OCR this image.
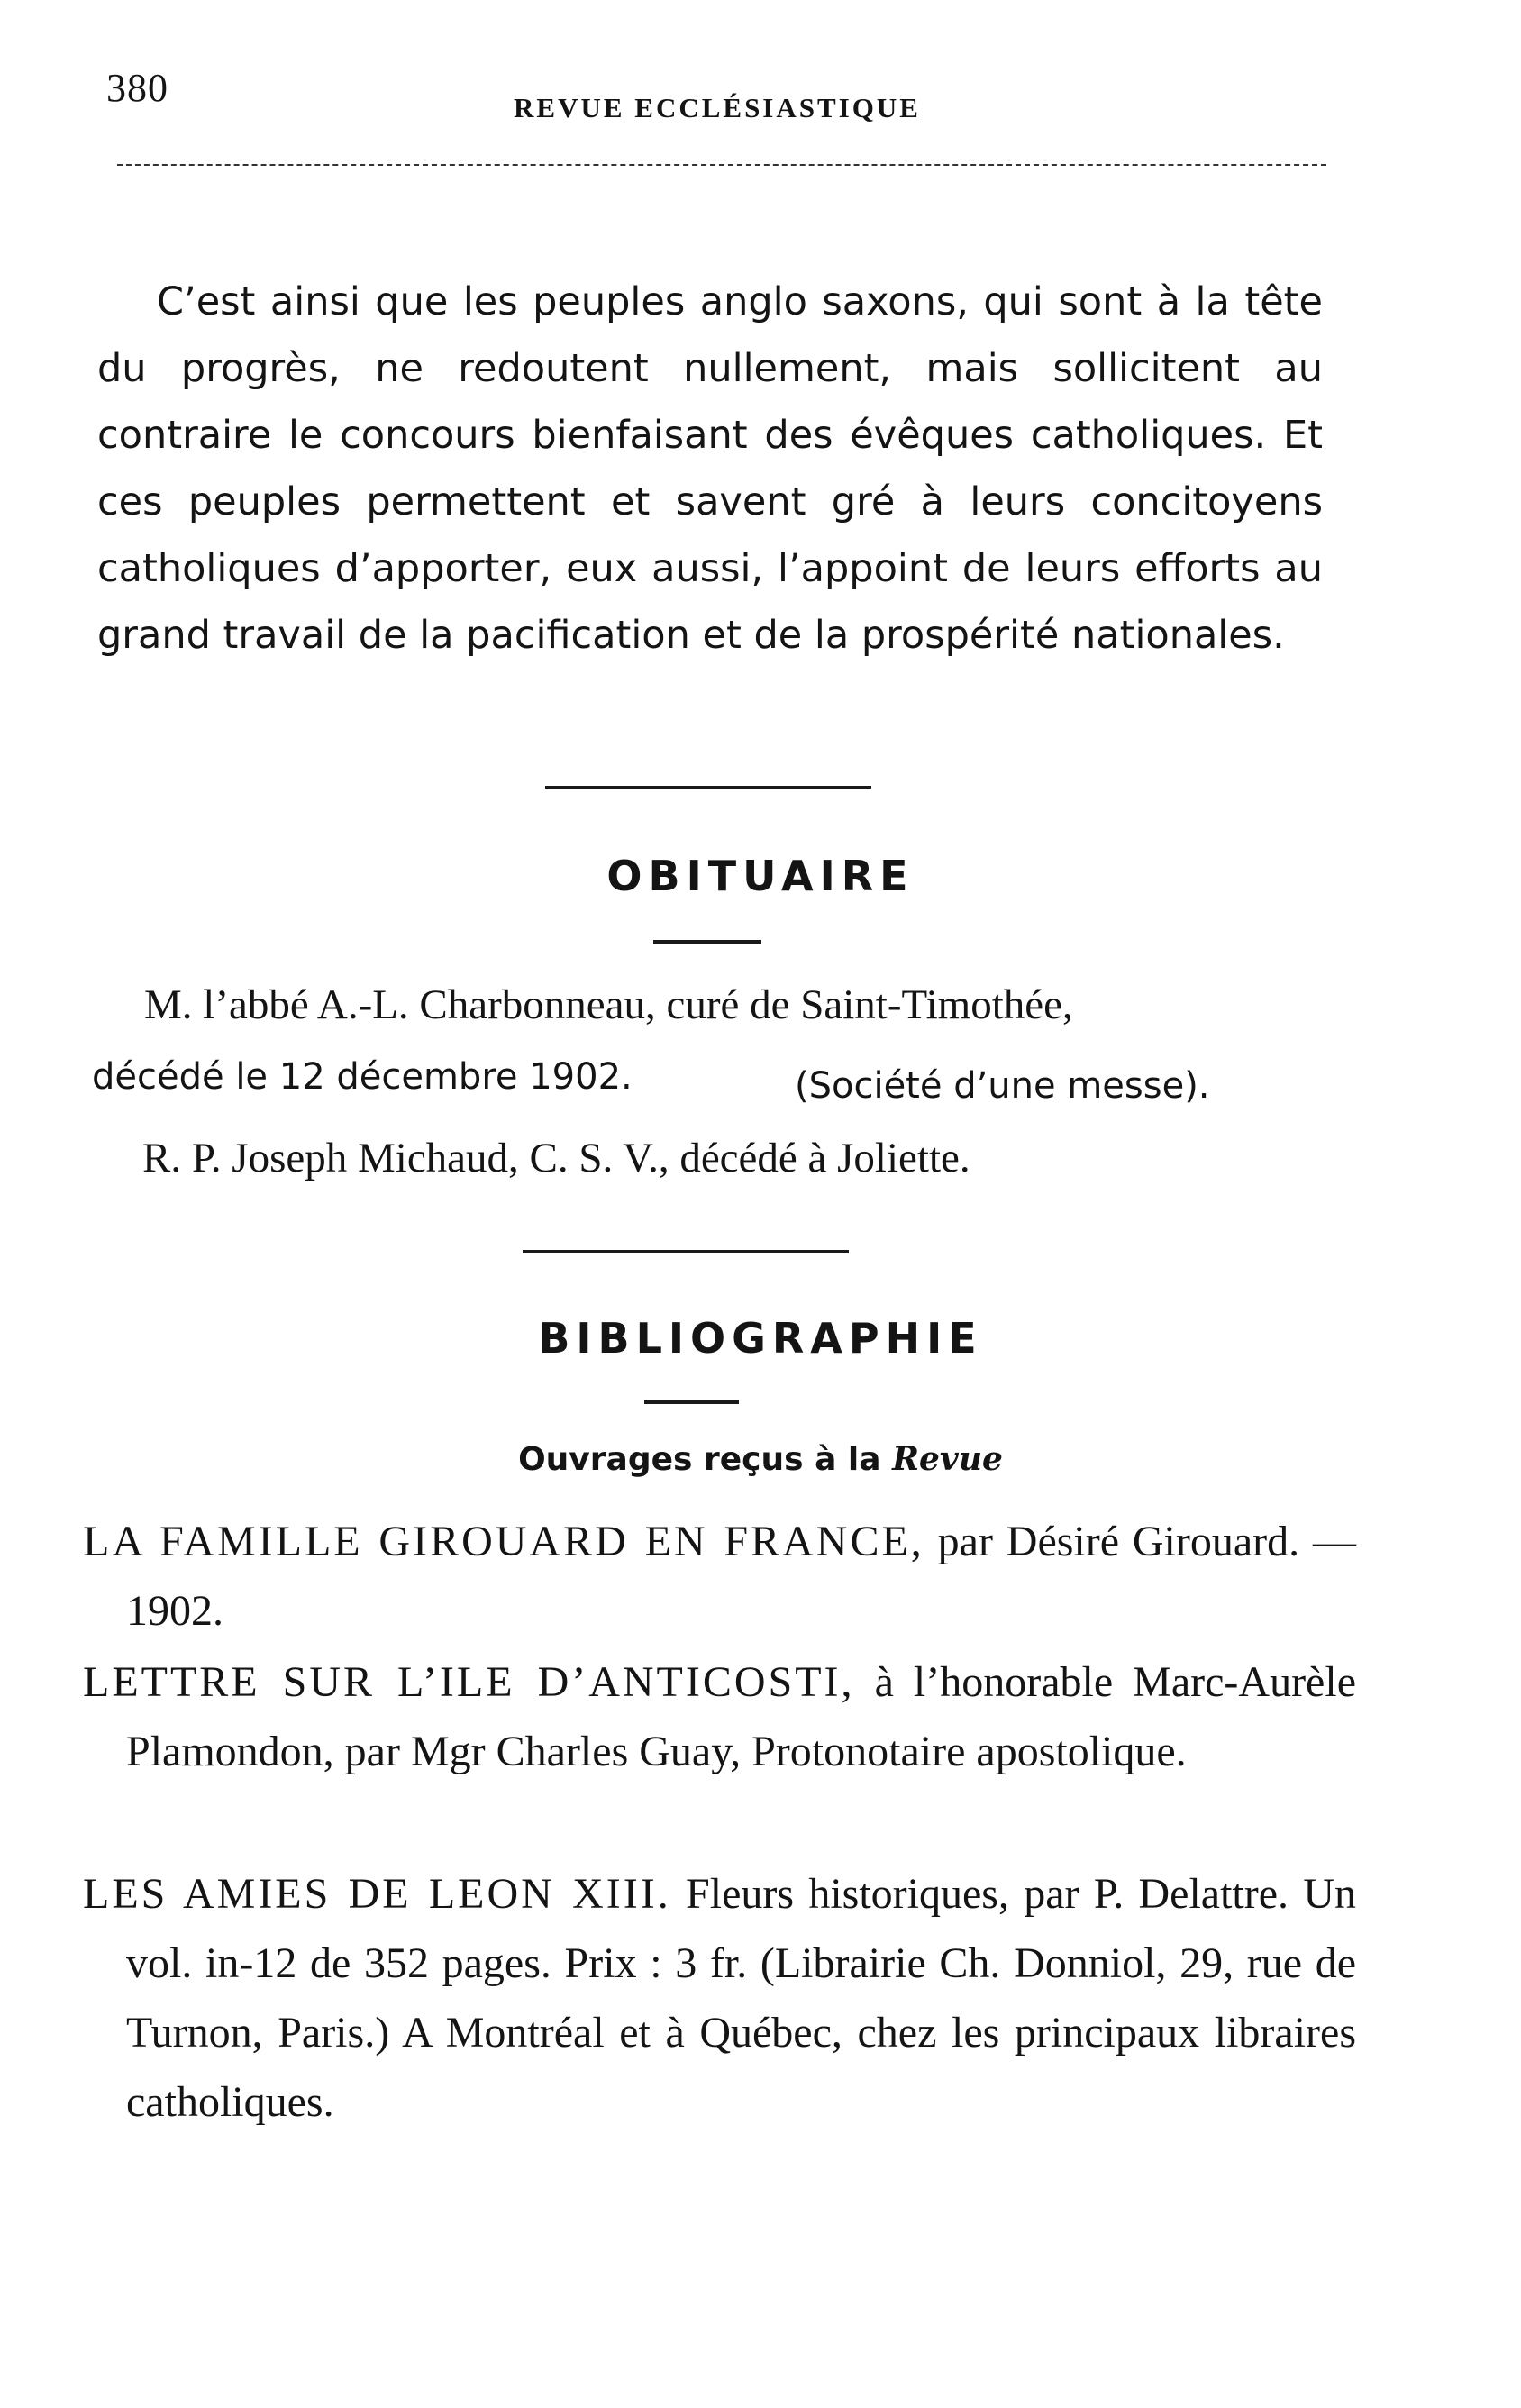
380	REVUE ECCLÉSIASTIQUE

C’est ainsi que les peuples anglo saxons, qui sont à la tête du progrès, ne redoutent nullement, mais sollicitent au contraire le concours bienfaisant des évêques catholiques. Et ces peuples permettent et savent gré à leurs concitoyens catholiques d’apporter, eux aussi, l’appoint de leurs efforts au grand travail de la pacification et de la prospérité nationales.

OBITUAIRE
M. l’abbé A.-L. Charbonneau, curé de Saint-Timothée,
décédé le 12 décembre 1902.	(Société d’une messe).
R. P. Joseph Michaud, C. S. V., décédé à Joliette.
BIBLIOGRAPHIE
Ouvrages reçus à la Revue
LA FAMILLE GIROUARD EN FRANCE, par Désiré Girouard. — 1902.
LETTRE SUR L’ILE D’ANTICOSTI, à l’honorable Marc-Aurèle Plamondon, par Mgr Charles Guay, Protonotaire apostolique.
LES AMIES DE LEON XIII. Fleurs historiques, par P. Delattre. Un vol. in-12 de 352 pages. Prix : 3 fr. (Librairie Ch. Donniol, 29, rue de Turnon, Paris.) A Montréal et à Québec, chez les principaux libraires catholiques.
